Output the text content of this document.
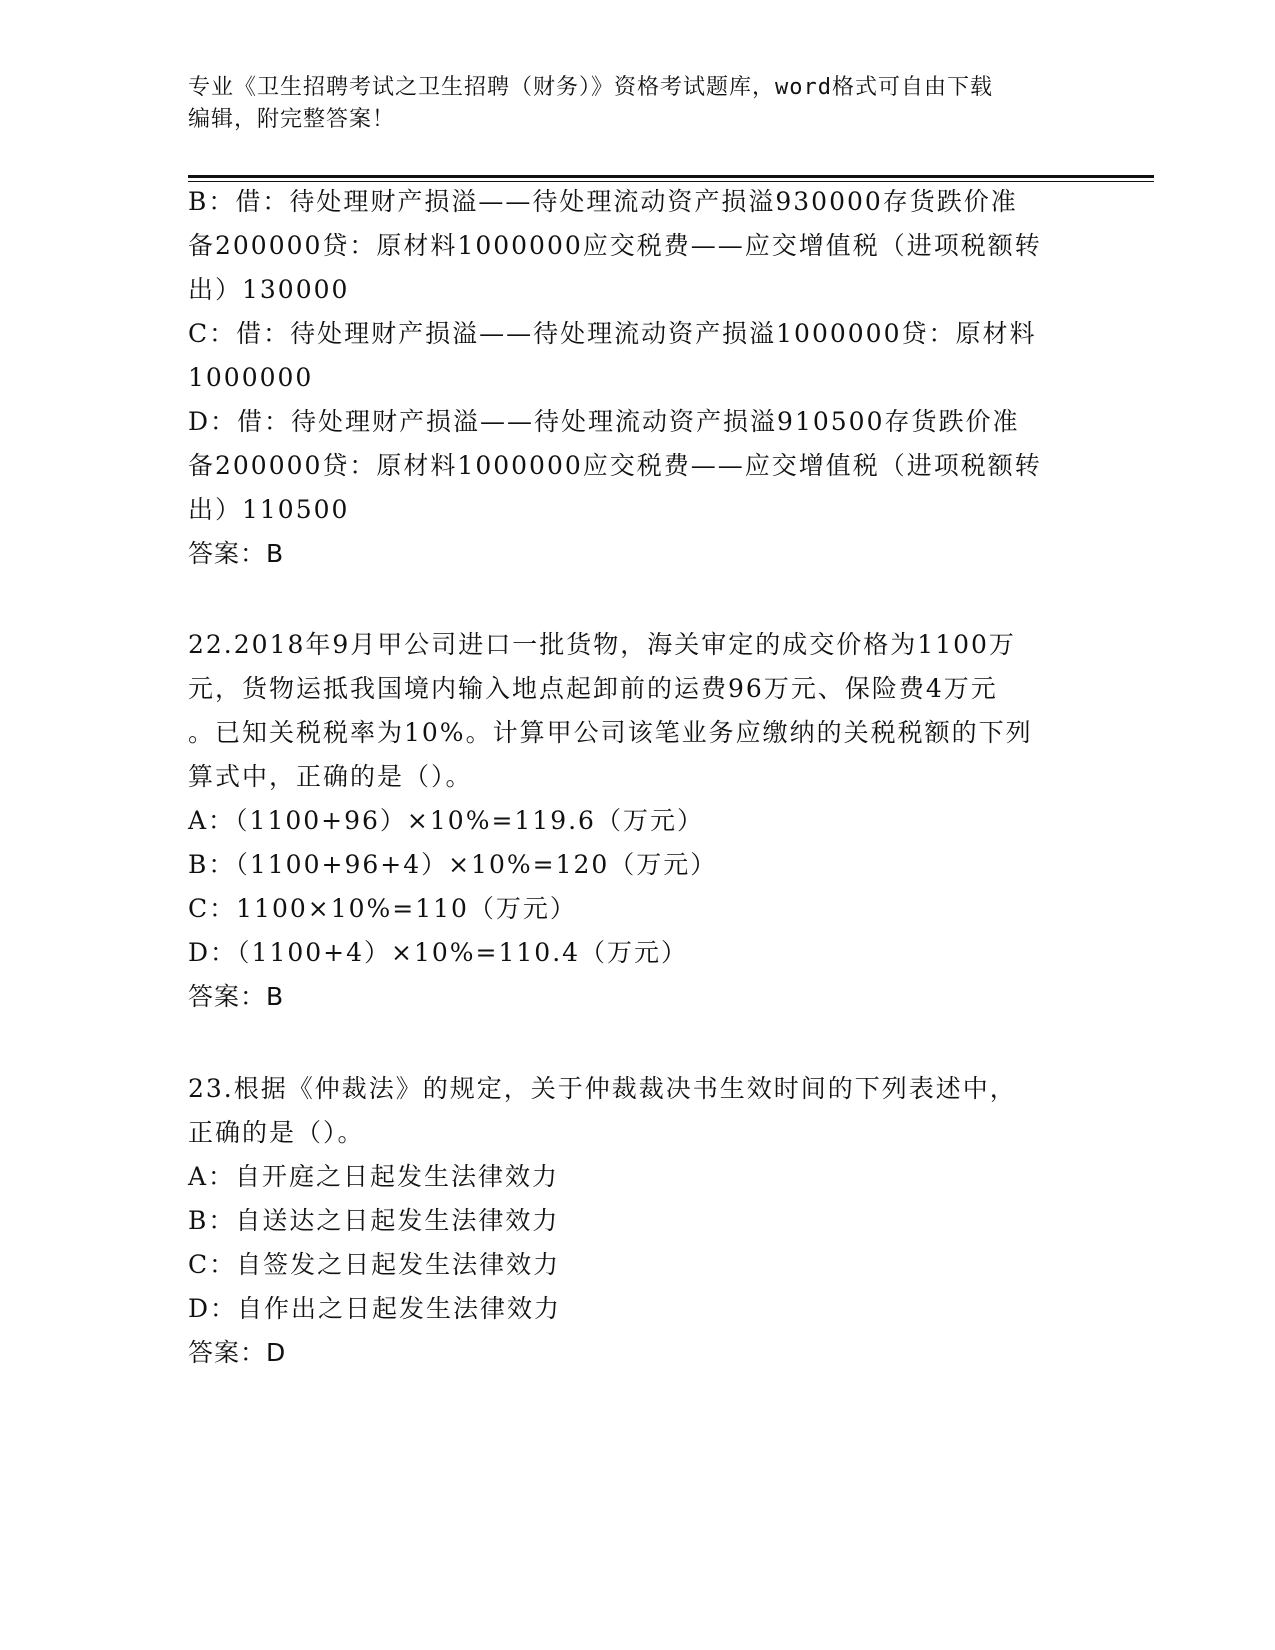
专业《卫生招聘考试之卫生招聘（财务）》资格考试题库，word格式可自由下载
编辑，附完整答案！
B：借：待处理财产损溢——待处理流动资产损溢930000存货跌价准
备200000贷：原材料1000000应交税费——应交增值税（进项税额转
出）130000
C：借：待处理财产损溢——待处理流动资产损溢1000000贷：原材料
1000000
D：借：待处理财产损溢——待处理流动资产损溢910500存货跌价准
备200000贷：原材料1000000应交税费——应交增值税（进项税额转
出）110500
答案：B
22.2018年9月甲公司进口一批货物，海关审定的成交价格为1100万
元，货物运抵我国境内输入地点起卸前的运费96万元、保险费4万元
。已知关税税率为10%。计算甲公司该笔业务应缴纳的关税税额的下列
算式中，正确的是（）。
A：（1100+96）×10%=119.6（万元）
B：（1100+96+4）×10%=120（万元）
C：1100×10%=110（万元）
D：（1100+4）×10%=110.4（万元）
答案：B
23.根据《仲裁法》的规定，关于仲裁裁决书生效时间的下列表述中，
正确的是（）。
A：自开庭之日起发生法律效力
B：自送达之日起发生法律效力
C：自签发之日起发生法律效力
D：自作出之日起发生法律效力
答案：D
